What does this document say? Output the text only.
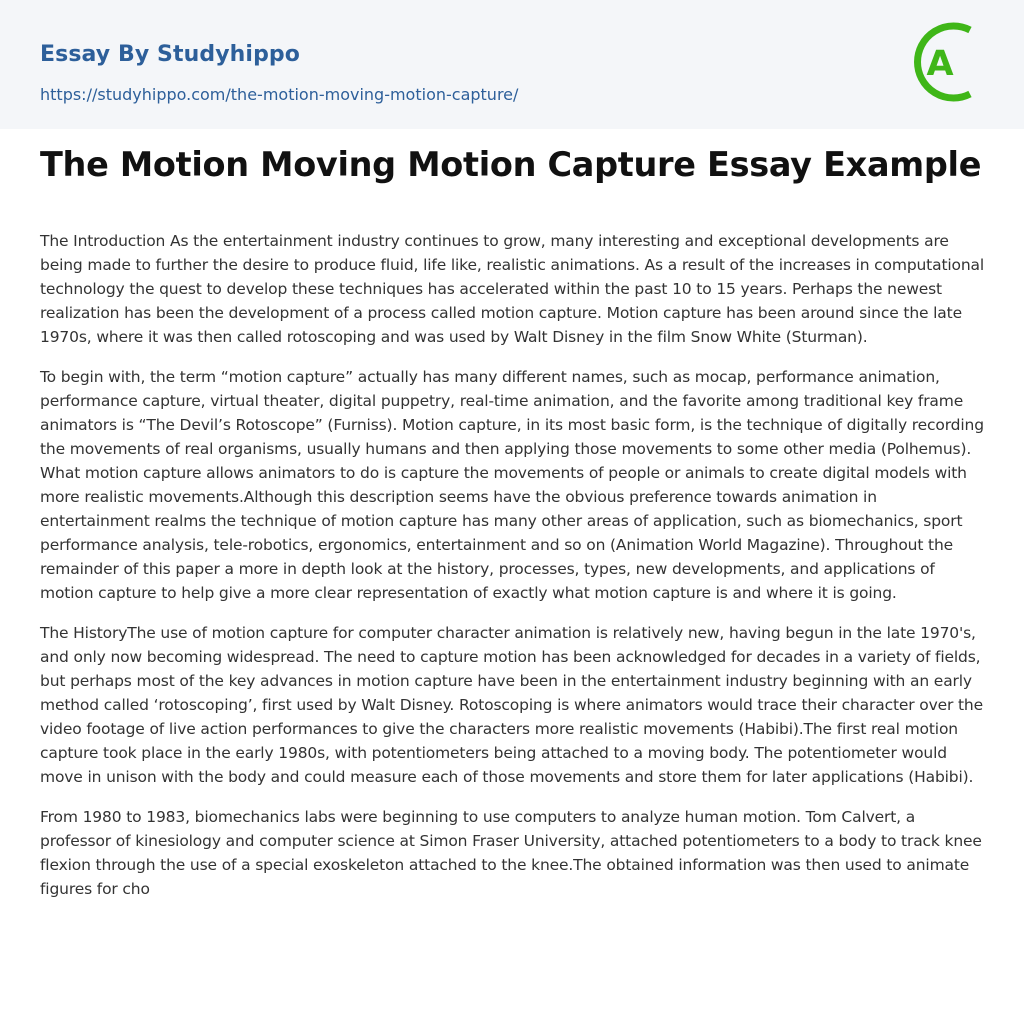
Essay By Studyhippo
https://studyhippo.com/the-motion-moving-motion-capture/
A
The Motion Moving Motion Capture Essay Example

The Introduction As the entertainment industry continues to grow, many interesting and exceptional developments are being made to further the desire to produce fluid, life like, realistic animations. As a result of the increases in computational technology the quest to develop these techniques has accelerated within the past 10 to 15 years. Perhaps the newest realization has been the development of a process called motion capture. Motion capture has been around since the late 1970s, where it was then called rotoscoping and was used by Walt Disney in the film Snow White (Sturman).

To begin with, the term “motion capture” actually has many different names, such as mocap, performance animation, performance capture, virtual theater, digital puppetry, real-time animation, and the favorite among traditional key frame animators is “The Devil’s Rotoscope” (Furniss). Motion capture, in its most basic form, is the technique of digitally recording the movements of real organisms, usually humans and then applying those movements to some other media (Polhemus). What motion capture allows animators to do is capture the movements of people or animals to create digital models with more realistic movements.Although this description seems have the obvious preference towards animation in entertainment realms the technique of motion capture has many other areas of application, such as biomechanics, sport performance analysis, tele-robotics, ergonomics, entertainment and so on (Animation World Magazine). Throughout the remainder of this paper a more in depth look at the history, processes, types, new developments, and applications of motion capture to help give a more clear representation of exactly what motion capture is and where it is going.

The HistoryThe use of motion capture for computer character animation is relatively new, having begun in the late 1970's, and only now becoming widespread. The need to capture motion has been acknowledged for decades in a variety of fields, but perhaps most of the key advances in motion capture have been in the entertainment industry beginning with an early method called ‘rotoscoping’, first used by Walt Disney. Rotoscoping is where animators would trace their character over the video footage of live action performances to give the characters more realistic movements (Habibi).The first real motion capture took place in the early 1980s, with potentiometers being attached to a moving body. The potentiometer would move in unison with the body and could measure each of those movements and store them for later applications (Habibi).

From 1980 to 1983, biomechanics labs were beginning to use computers to analyze human motion. Tom Calvert, a professor of kinesiology and computer science at Simon Fraser University, attached potentiometers to a body to track knee flexion through the use of a special exoskeleton attached to the knee.The obtained information was then used to animate figures for cho
